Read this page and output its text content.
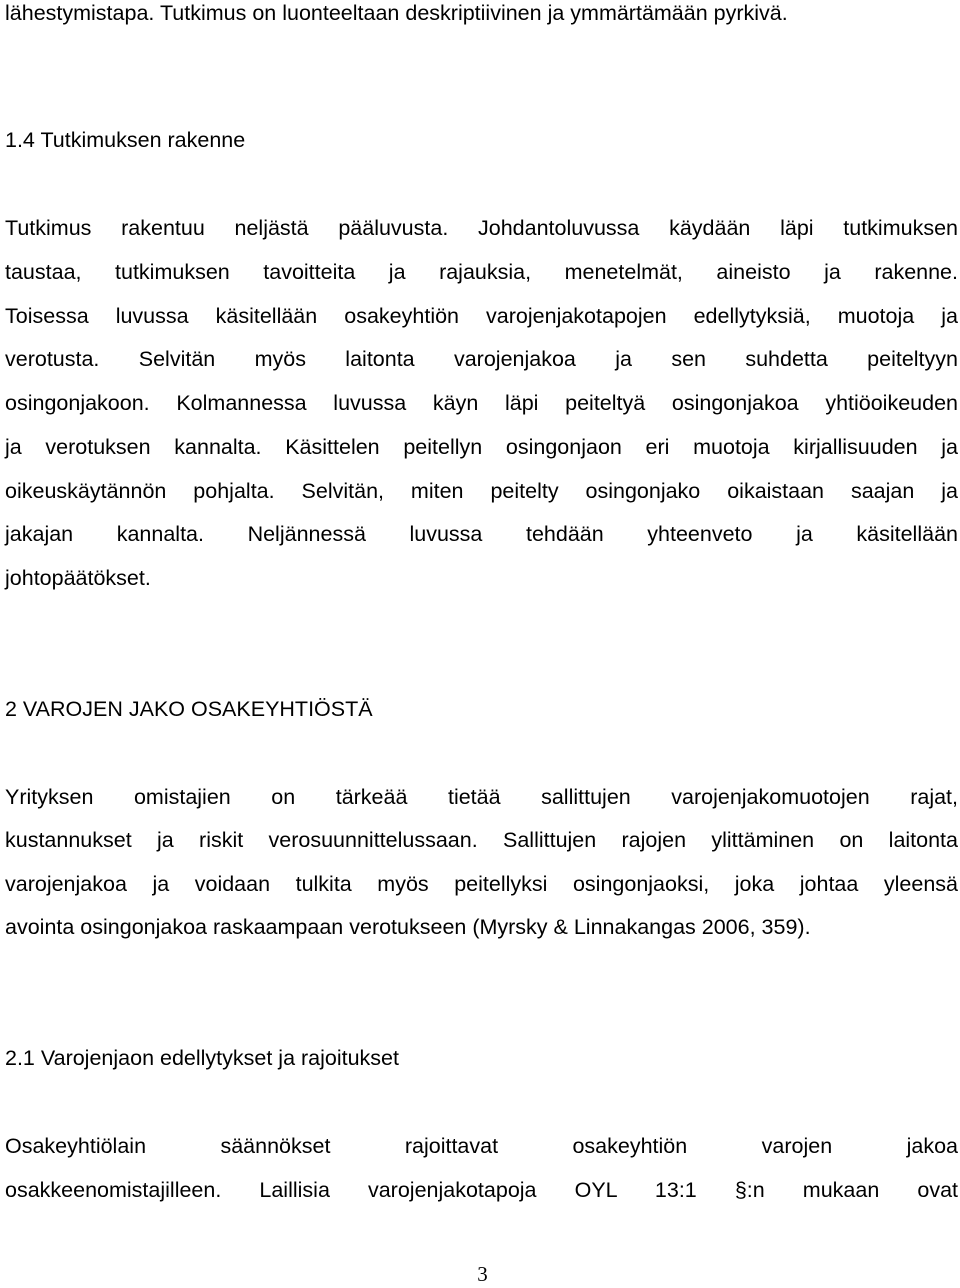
lähestymistapa. Tutkimus on luonteeltaan deskriptiivinen ja ymmärtämään pyrkivä.
1.4 Tutkimuksen rakenne
Tutkimus rakentuu neljästä pääluvusta. Johdantoluvussa käydään läpi tutkimuksen
taustaa, tutkimuksen tavoitteita ja rajauksia, menetelmät, aineisto ja rakenne.
Toisessa luvussa käsitellään osakeyhtiön varojenjakotapojen edellytyksiä, muotoja ja
verotusta. Selvitän myös laitonta varojenjakoa ja sen suhdetta peiteltyyn
osingonjakoon. Kolmannessa luvussa käyn läpi peiteltyä osingonjakoa yhtiöoikeuden
ja verotuksen kannalta. Käsittelen peitellyn osingonjaon eri muotoja kirjallisuuden ja
oikeuskäytännön pohjalta. Selvitän, miten peitelty osingonjako oikaistaan saajan ja
jakajan kannalta. Neljännessä luvussa tehdään yhteenveto ja käsitellään
johtopäätökset.
2 VAROJEN JAKO OSAKEYHTIÖSTÄ
Yrityksen omistajien on tärkeää tietää sallittujen varojenjakomuotojen rajat,
kustannukset ja riskit verosuunnittelussaan. Sallittujen rajojen ylittäminen on laitonta
varojenjakoa ja voidaan tulkita myös peitellyksi osingonjaoksi, joka johtaa yleensä
avointa osingonjakoa raskaampaan verotukseen (Myrsky & Linnakangas 2006, 359).
2.1 Varojenjaon edellytykset ja rajoitukset
Osakeyhtiölain säännökset rajoittavat osakeyhtiön varojen jakoa
osakkeenomistajilleen. Laillisia varojenjakotapoja OYL 13:1 §:n mukaan ovat
3
